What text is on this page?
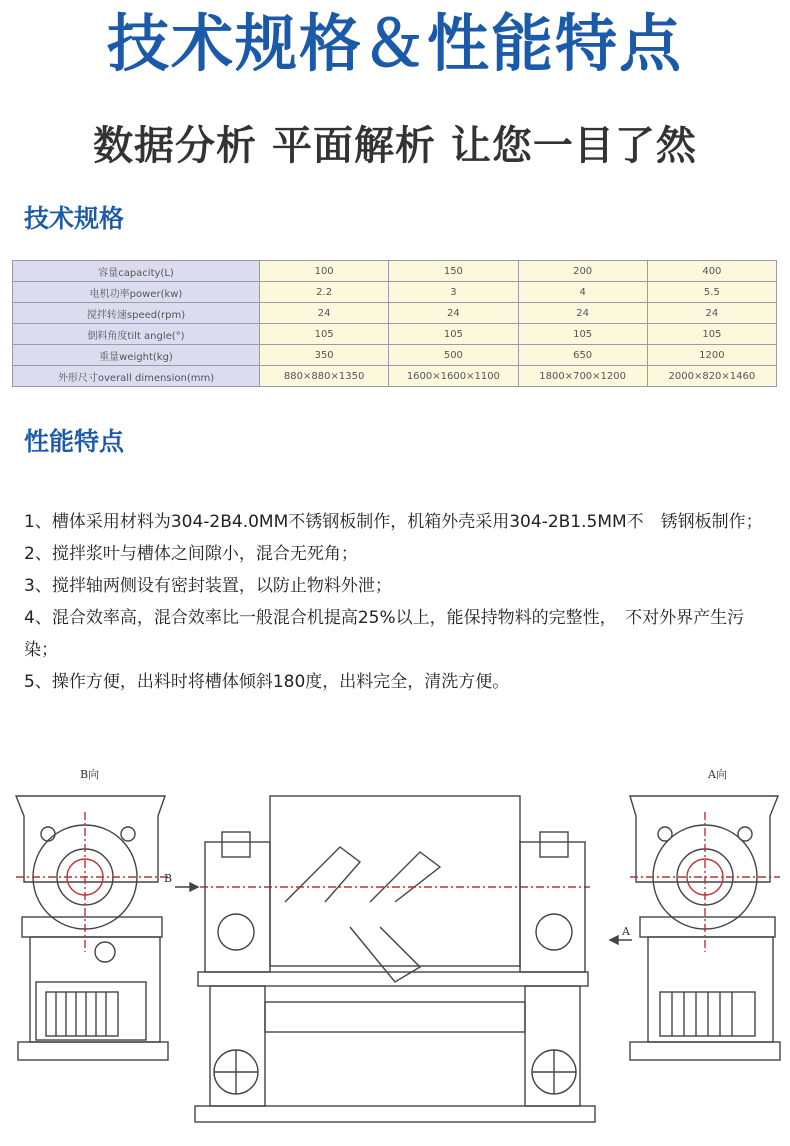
技术规格＆性能特点
数据分析 平面解析 让您一目了然
技术规格
容量capacity(L)	100	150	200	400
电机功率power(kw)	2.2	3	4	5.5
搅拌转速speed(rpm)	24	24	24	24
倒料角度tilt angle(°)	105	105	105	105
重量weight(kg)	350	500	650	1200
外形尺寸overall dimension(mm)	880×880×1350	1600×1600×1100	1800×700×1200	2000×820×1460
性能特点
1、槽体采用材料为304-2B4.0MM不锈钢板制作，机箱外壳采用304-2B1.5MM不　锈钢板制作；
2、搅拌浆叶与槽体之间隙小，混合无死角；
3、搅拌轴两侧设有密封装置，以防止物料外泄；
4、混合效率高，混合效率比一般混合机提高25%以上，能保持物料的完整性，　不对外界产生污染；
5、操作方便，出料时将槽体倾斜180度，出料完全，清洗方便。
B向	A向
B
A
